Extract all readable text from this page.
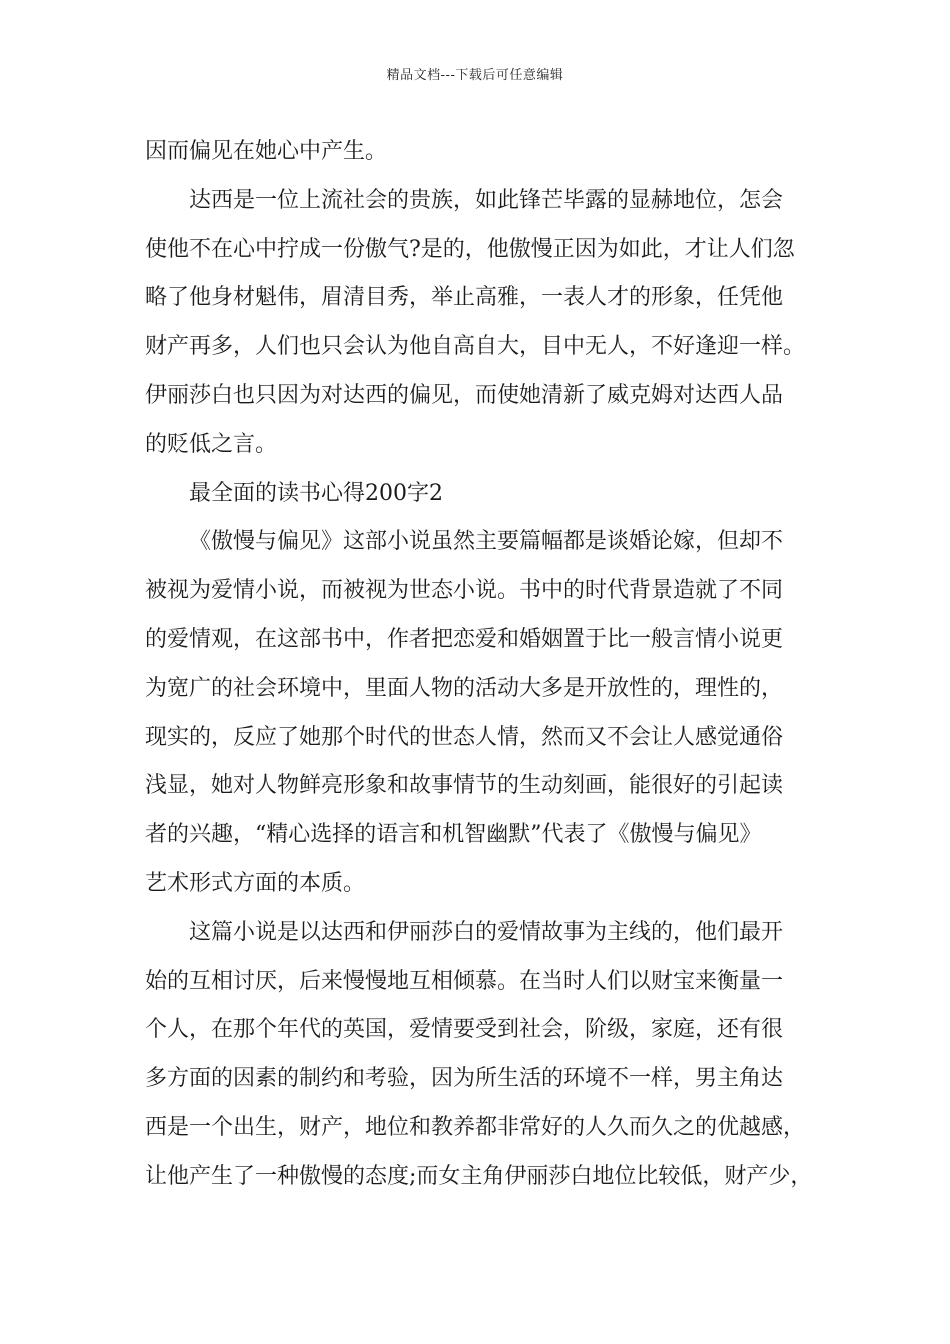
精品文档---下载后可任意编辑
因而偏见在她心中产生。
达西是一位上流社会的贵族，如此锋芒毕露的显赫地位，怎会
使他不在心中拧成一份傲气?是的，他傲慢正因为如此，才让人们忽
略了他身材魁伟，眉清目秀，举止高雅，一表人才的形象，任凭他
财产再多，人们也只会认为他自高自大，目中无人，不好逢迎一样。
伊丽莎白也只因为对达西的偏见，而使她清新了威克姆对达西人品
的贬低之言。
最全面的读书心得200字2
《傲慢与偏见》这部小说虽然主要篇幅都是谈婚论嫁，但却不
被视为爱情小说，而被视为世态小说。书中的时代背景造就了不同
的爱情观，在这部书中，作者把恋爱和婚姻置于比一般言情小说更
为宽广的社会环境中，里面人物的活动大多是开放性的，理性的，
现实的，反应了她那个时代的世态人情，然而又不会让人感觉通俗
浅显，她对人物鲜亮形象和故事情节的生动刻画，能很好的引起读
者的兴趣，“精心选择的语言和机智幽默”代表了《傲慢与偏见》
艺术形式方面的本质。
这篇小说是以达西和伊丽莎白的爱情故事为主线的，他们最开
始的互相讨厌，后来慢慢地互相倾慕。在当时人们以财宝来衡量一
个人，在那个年代的英国，爱情要受到社会，阶级，家庭，还有很
多方面的因素的制约和考验，因为所生活的环境不一样，男主角达
西是一个出生，财产，地位和教养都非常好的人久而久之的优越感，
让他产生了一种傲慢的态度;而女主角伊丽莎白地位比较低，财产少，
